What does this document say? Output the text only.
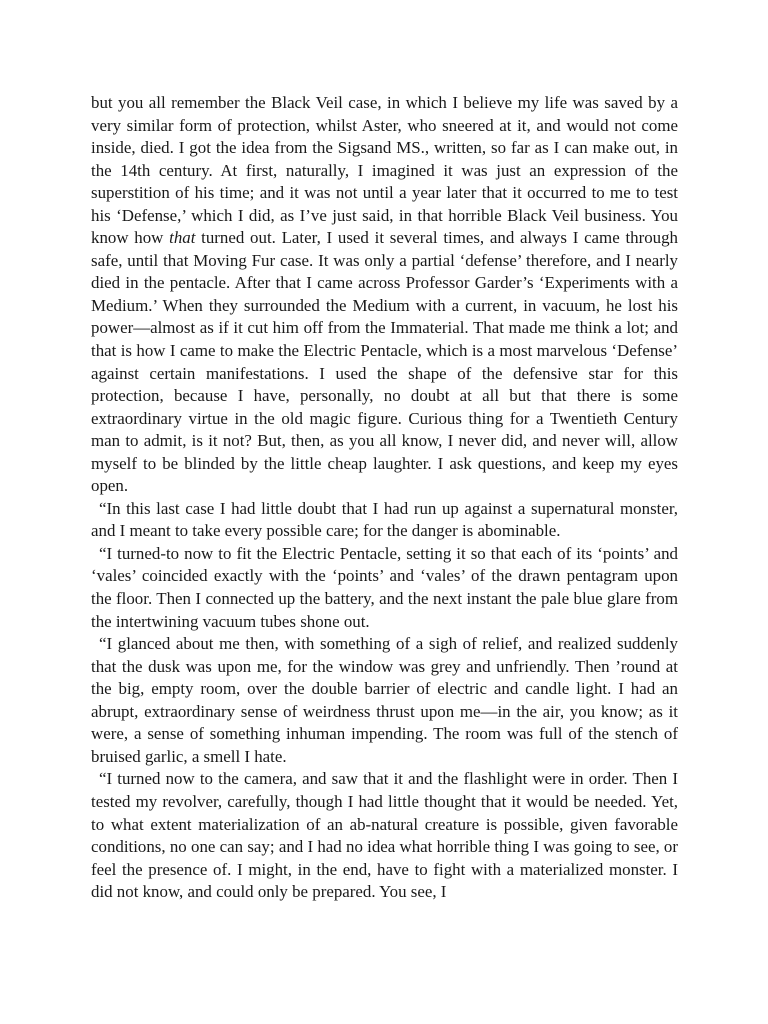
but you all remember the Black Veil case, in which I believe my life was saved by a very similar form of protection, whilst Aster, who sneered at it, and would not come inside, died. I got the idea from the Sigsand MS., written, so far as I can make out, in the 14th century. At first, naturally, I imagined it was just an expression of the superstition of his time; and it was not until a year later that it occurred to me to test his ‘Defense,’ which I did, as I’ve just said, in that horrible Black Veil business. You know how that turned out. Later, I used it several times, and always I came through safe, until that Moving Fur case. It was only a partial ‘defense’ therefore, and I nearly died in the pentacle. After that I came across Professor Garder’s ‘Experiments with a Medium.’ When they surrounded the Medium with a current, in vacuum, he lost his power—almost as if it cut him off from the Immaterial. That made me think a lot; and that is how I came to make the Electric Pentacle, which is a most marvelous ‘Defense’ against certain manifestations. I used the shape of the defensive star for this protection, because I have, personally, no doubt at all but that there is some extraordinary virtue in the old magic figure. Curious thing for a Twentieth Century man to admit, is it not? But, then, as you all know, I never did, and never will, allow myself to be blinded by the little cheap laughter. I ask questions, and keep my eyes open.

“In this last case I had little doubt that I had run up against a supernatural monster, and I meant to take every possible care; for the danger is abominable.

“I turned-to now to fit the Electric Pentacle, setting it so that each of its ‘points’ and ‘vales’ coincided exactly with the ‘points’ and ‘vales’ of the drawn pentagram upon the floor. Then I connected up the battery, and the next instant the pale blue glare from the intertwining vacuum tubes shone out.

“I glanced about me then, with something of a sigh of relief, and realized suddenly that the dusk was upon me, for the window was grey and unfriendly. Then ’round at the big, empty room, over the double barrier of electric and candle light. I had an abrupt, extraordinary sense of weirdness thrust upon me—in the air, you know; as it were, a sense of something inhuman impending. The room was full of the stench of bruised garlic, a smell I hate.

“I turned now to the camera, and saw that it and the flashlight were in order. Then I tested my revolver, carefully, though I had little thought that it would be needed. Yet, to what extent materialization of an ab-natural creature is possible, given favorable conditions, no one can say; and I had no idea what horrible thing I was going to see, or feel the presence of. I might, in the end, have to fight with a materialized monster. I did not know, and could only be prepared. You see, I
